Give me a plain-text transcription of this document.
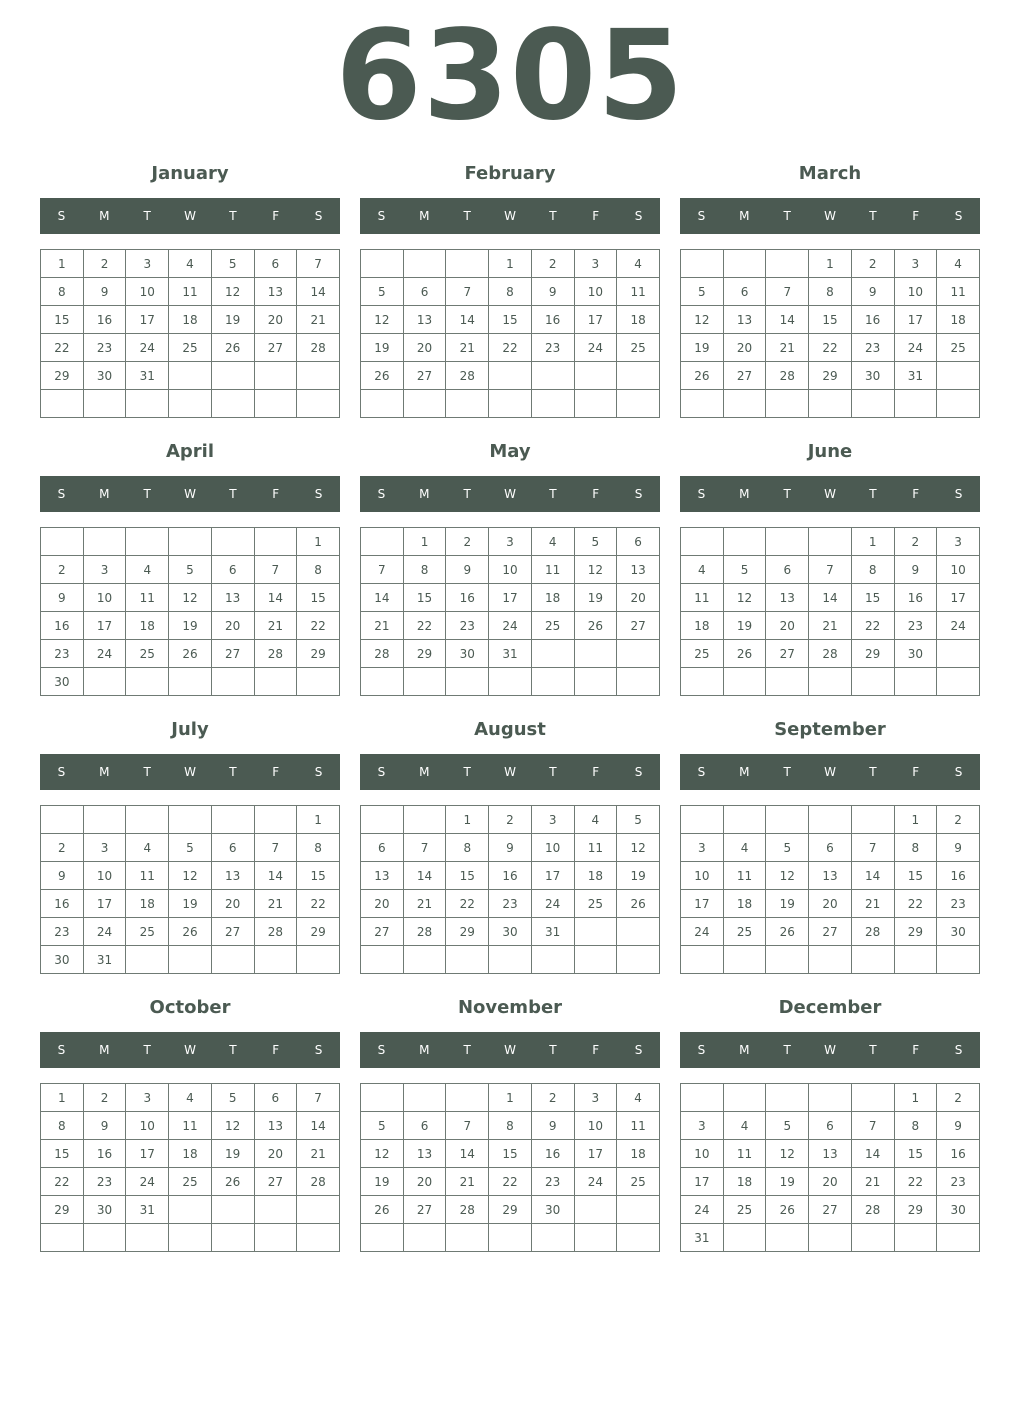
6305
January
S	M	T	W	T	F	S
1	2	3	4	5	6	7
8	9	10	11	12	13	14
15	16	17	18	19	20	21
22	23	24	25	26	27	28
29	30	31				

February
S	M	T	W	T	F	S
			1	2	3	4
5	6	7	8	9	10	11
12	13	14	15	16	17	18
19	20	21	22	23	24	25
26	27	28				

March
S	M	T	W	T	F	S
			1	2	3	4
5	6	7	8	9	10	11
12	13	14	15	16	17	18
19	20	21	22	23	24	25
26	27	28	29	30	31	

April
S	M	T	W	T	F	S
						1
2	3	4	5	6	7	8
9	10	11	12	13	14	15
16	17	18	19	20	21	22
23	24	25	26	27	28	29
30						
May
S	M	T	W	T	F	S
	1	2	3	4	5	6
7	8	9	10	11	12	13
14	15	16	17	18	19	20
21	22	23	24	25	26	27
28	29	30	31			

June
S	M	T	W	T	F	S
				1	2	3
4	5	6	7	8	9	10
11	12	13	14	15	16	17
18	19	20	21	22	23	24
25	26	27	28	29	30	

July
S	M	T	W	T	F	S
						1
2	3	4	5	6	7	8
9	10	11	12	13	14	15
16	17	18	19	20	21	22
23	24	25	26	27	28	29
30	31					
August
S	M	T	W	T	F	S
		1	2	3	4	5
6	7	8	9	10	11	12
13	14	15	16	17	18	19
20	21	22	23	24	25	26
27	28	29	30	31		

September
S	M	T	W	T	F	S
					1	2
3	4	5	6	7	8	9
10	11	12	13	14	15	16
17	18	19	20	21	22	23
24	25	26	27	28	29	30

October
S	M	T	W	T	F	S
1	2	3	4	5	6	7
8	9	10	11	12	13	14
15	16	17	18	19	20	21
22	23	24	25	26	27	28
29	30	31				

November
S	M	T	W	T	F	S
			1	2	3	4
5	6	7	8	9	10	11
12	13	14	15	16	17	18
19	20	21	22	23	24	25
26	27	28	29	30		

December
S	M	T	W	T	F	S
					1	2
3	4	5	6	7	8	9
10	11	12	13	14	15	16
17	18	19	20	21	22	23
24	25	26	27	28	29	30
31						
